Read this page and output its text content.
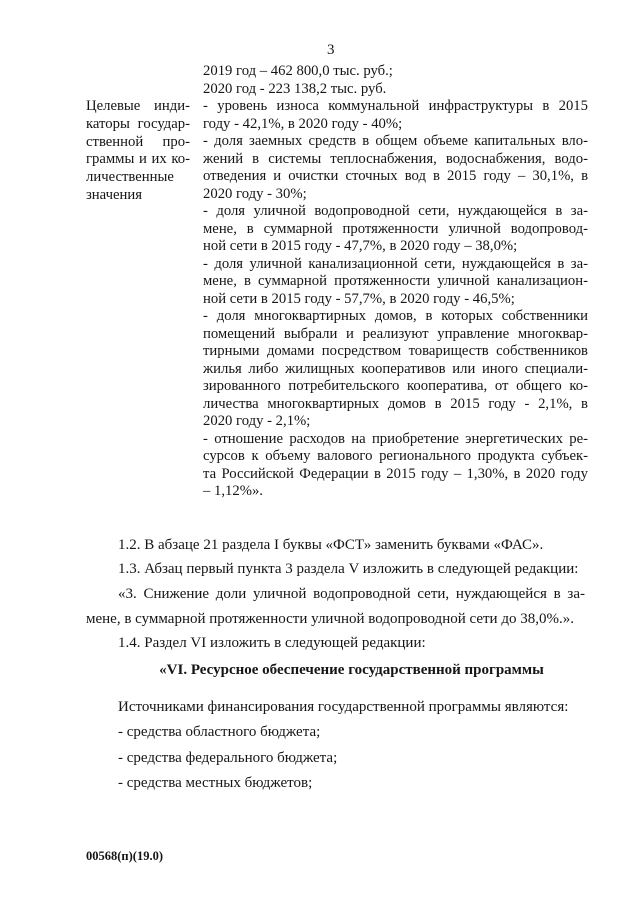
3
Целевые инди-
каторы государ-
ственной про-
граммы и их ко-
личественные
значения
2019 год – 462 800,0 тыс. руб.;
2020 год - 223 138,2 тыс. руб.
- уровень износа коммунальной инфраструктуры в 2015
году - 42,1%, в 2020 году - 40%;
- доля заемных средств в общем объеме капитальных вло-
жений в системы теплоснабжения, водоснабжения, водо-
отведения и очистки сточных вод в 2015 году – 30,1%, в
2020 году - 30%;
- доля уличной водопроводной сети, нуждающейся в за-
мене, в суммарной протяженности уличной водопровод-
ной сети в 2015 году - 47,7%, в 2020 году – 38,0%;
- доля уличной канализационной сети, нуждающейся в за-
мене, в суммарной протяженности уличной канализацион-
ной сети в 2015 году - 57,7%, в 2020 году - 46,5%;
- доля многоквартирных домов, в которых собственники
помещений выбрали и реализуют управление многоквар-
тирными домами посредством товариществ собственников
жилья либо жилищных кооперативов или иного специали-
зированного потребительского кооператива, от общего ко-
личества многоквартирных домов в 2015 году - 2,1%, в
2020 году - 2,1%;
- отношение расходов на приобретение энергетических ре-
сурсов к объему валового регионального продукта субъек-
та Российской Федерации в 2015 году – 1,30%, в 2020 году
– 1,12%».
1.2. В абзаце 21 раздела I буквы «ФСТ» заменить буквами «ФАС».
1.3. Абзац первый пункта 3 раздела V изложить в следующей редакции:
«3. Снижение доли уличной водопроводной сети, нуждающейся в за-
мене, в суммарной протяженности уличной водопроводной сети до 38,0%.».
1.4. Раздел VI изложить в следующей редакции:
«VI. Ресурсное обеспечение государственной программы
Источниками финансирования государственной программы являются:
- средства областного бюджета;
- средства федерального бюджета;
- средства местных бюджетов;
00568(п)(19.0)
